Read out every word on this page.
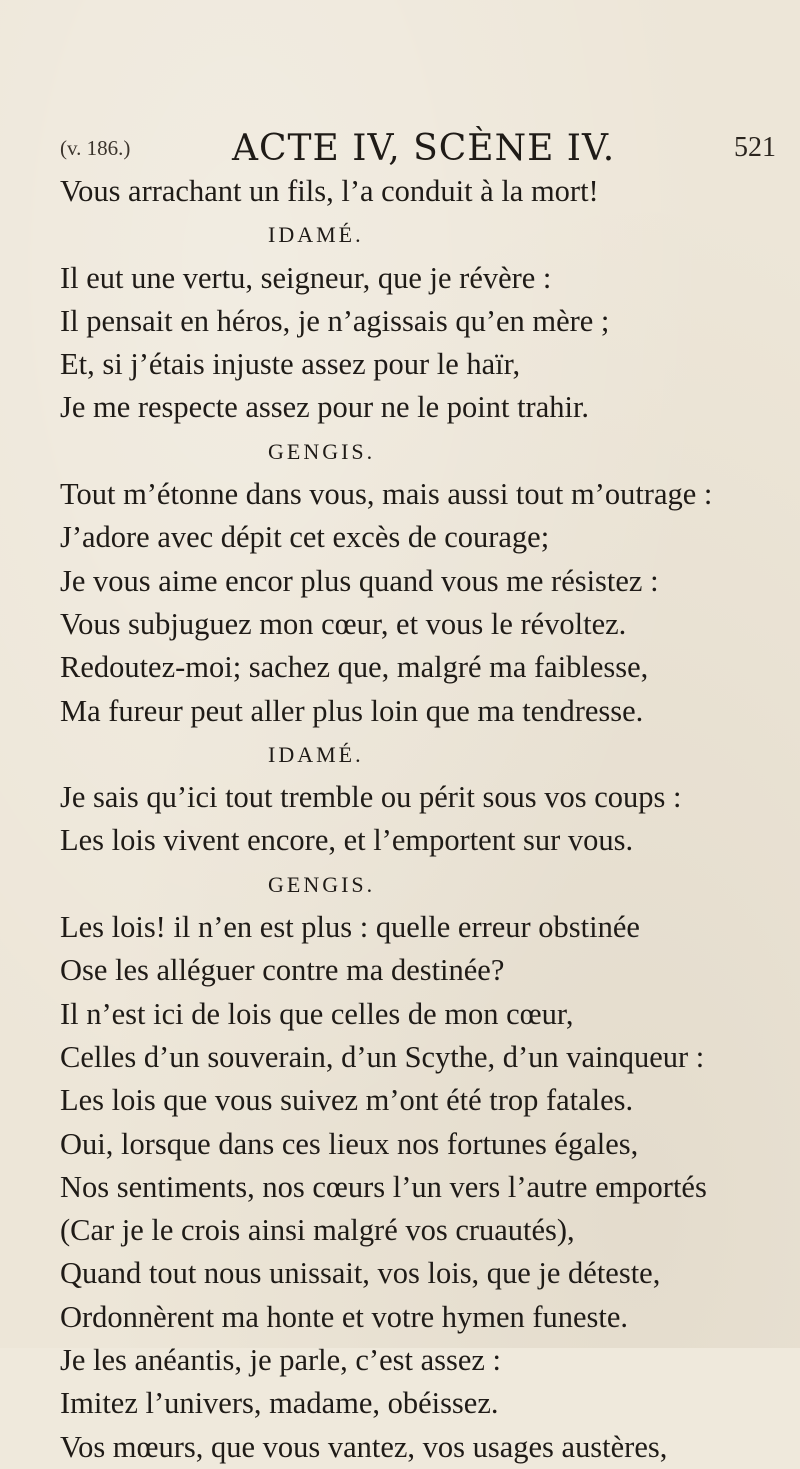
(v. 186.)	ACTE IV, SCÈNE IV.	521
Vous arrachant un fils, l’a conduit à la mort!
IDAMÉ.
Il eut une vertu, seigneur, que je révère :
Il pensait en héros, je n’agissais qu’en mère ;
Et, si j’étais injuste assez pour le haïr,
Je me respecte assez pour ne le point trahir.
GENGIS.
Tout m’étonne dans vous, mais aussi tout m’outrage :
J’adore avec dépit cet excès de courage;
Je vous aime encor plus quand vous me résistez :
Vous subjuguez mon cœur, et vous le révoltez.
Redoutez-moi; sachez que, malgré ma faiblesse,
Ma fureur peut aller plus loin que ma tendresse.
IDAMÉ.
Je sais qu’ici tout tremble ou périt sous vos coups :
Les lois vivent encore, et l’emportent sur vous.
GENGIS.
Les lois! il n’en est plus : quelle erreur obstinée
Ose les alléguer contre ma destinée?
Il n’est ici de lois que celles de mon cœur,
Celles d’un souverain, d’un Scythe, d’un vainqueur :
Les lois que vous suivez m’ont été trop fatales.
Oui, lorsque dans ces lieux nos fortunes égales,
Nos sentiments, nos cœurs l’un vers l’autre emportés
(Car je le crois ainsi malgré vos cruautés),
Quand tout nous unissait, vos lois, que je déteste,
Ordonnèrent ma honte et votre hymen funeste.
Je les anéantis, je parle, c’est assez :
Imitez l’univers, madame, obéissez.
Vos mœurs, que vous vantez, vos usages austères,
